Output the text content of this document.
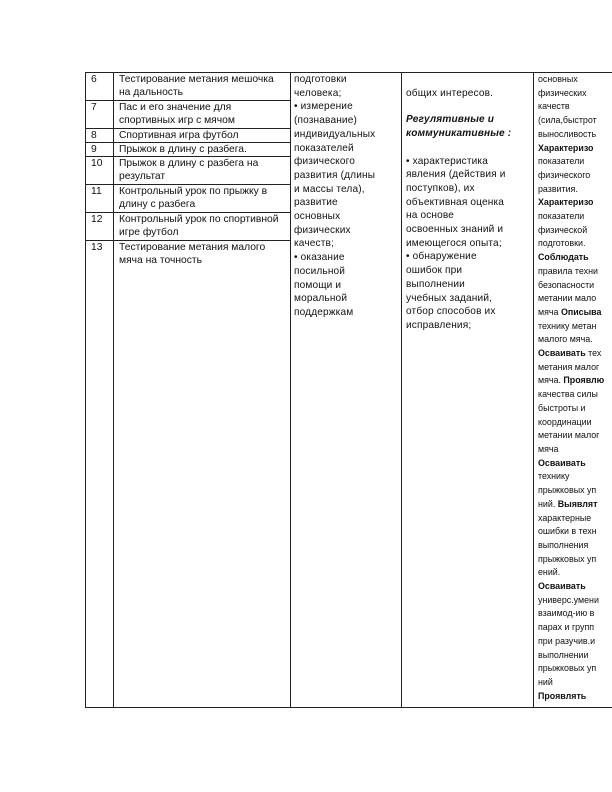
6 Тестирование метания мешочка на дальность
7 Пас и его значение для спортивных игр с мячом
8 Спортивная игра футбол
9 Прыжок в длину с разбега.
10 Прыжок в длину с разбега на результат
11 Контрольный урок по прыжку в длину с разбега
12 Контрольный урок по спортивной игре футбол
13 Тестирование метания малого мяча на точность
подготовки
человека;
• измерение
(познавание)
индивидуальных
показателей
физического
развития (длины
и массы тела),
развитие
основных
физических
качеств;
• оказание
посильной
помощи и
моральной
поддержкам

общих интересов.

Регулятивные и коммуникативные :

• характеристика
явления (действия и
поступков), их
объективная оценка
на основе
освоенных знаний и
имеющегося опыта;
• обнаружение
ошибок при
выполнении
учебных заданий,
отбор способов их
исправления;

основных
физических
качеств
(сила,быстрот
выносливость
Характеризо
показатели
физического
развития.
Характеризо
показатели
физической
подготовки.
Соблюдать
правила техни
безопасности
метании мало
мяча Описыва
технику метан
малого мяча.
Осваивать тех
метания малог
мяча. Проявлю
качества силы
быстроты и
координации
метании малог
мяча
Осваивать
технику
прыжковых уп
ний. Выявлят
характерные
ошибки в техн
выполнения
прыжковых уп
ений.
Осваивать
универс.умени
взаимод-ию в
парах и групп
при разучив.и
выполнении
прыжковых уп
ний
Проявлять
